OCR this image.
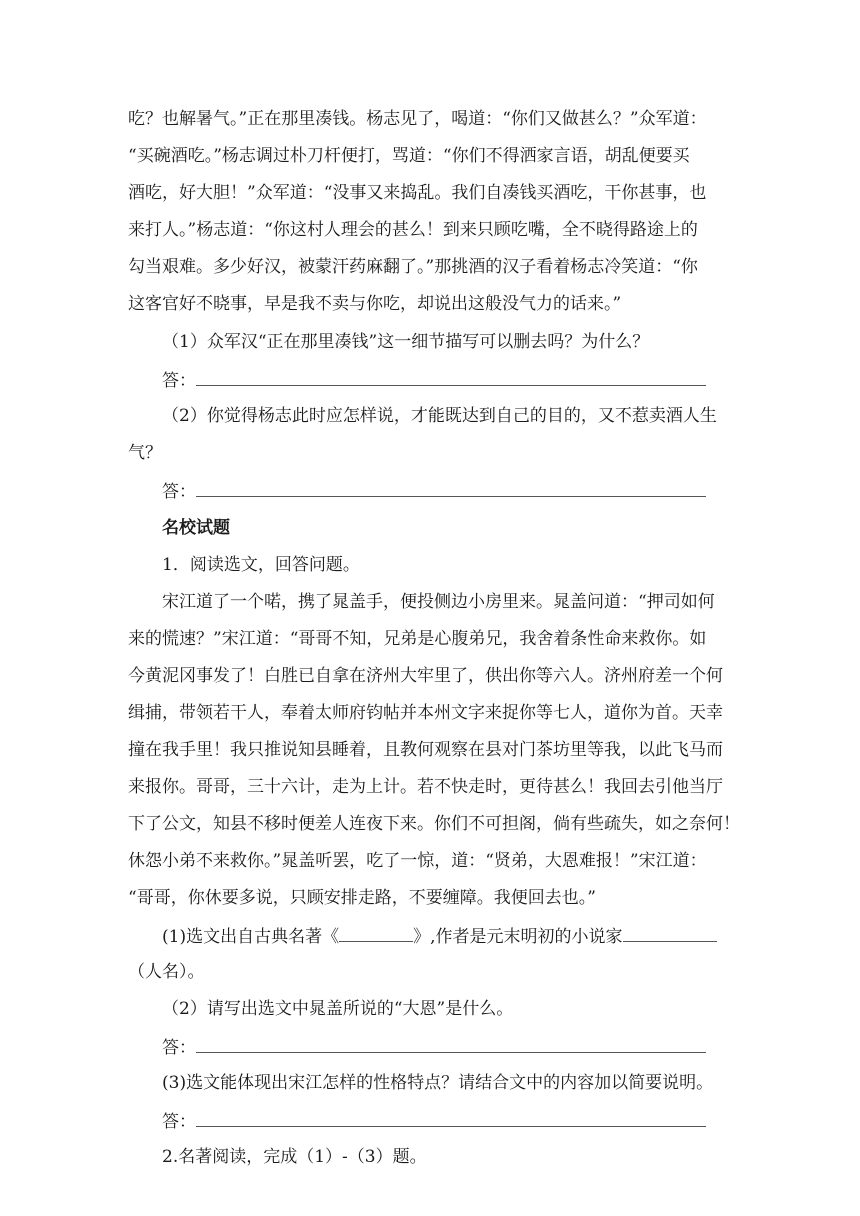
吃？也解暑气。”正在那里凑钱。杨志见了，喝道：“你们又做甚么？”众军道：
“买碗酒吃。”杨志调过朴刀杆便打，骂道：“你们不得洒家言语，胡乱便要买
酒吃，好大胆！”众军道：“没事又来捣乱。我们自凑钱买酒吃，干你甚事，也
来打人。”杨志道：“你这村人理会的甚么！到来只顾吃嘴，全不晓得路途上的
勾当艰难。多少好汉，被蒙汗药麻翻了。”那挑酒的汉子看着杨志冷笑道：“你
这客官好不晓事，早是我不卖与你吃，却说出这般没气力的话来。”
（1）众军汉“正在那里凑钱”这一细节描写可以删去吗？为什么？
答：
（2）你觉得杨志此时应怎样说，才能既达到自己的目的，又不惹卖酒人生
气？
答：
名校试题
1．阅读选文，回答问题。
宋江道了一个喏，携了晁盖手，便投侧边小房里来。晁盖问道：“押司如何
来的慌速？”宋江道：“哥哥不知，兄弟是心腹弟兄，我舍着条性命来救你。如
今黄泥冈事发了！白胜已自拿在济州大牢里了，供出你等六人。济州府差一个何
缉捕，带领若干人，奉着太师府钧帖并本州文字来捉你等七人，道你为首。天幸
撞在我手里！我只推说知县睡着，且教何观察在县对门茶坊里等我，以此飞马而
来报你。哥哥，三十六计，走为上计。若不快走时，更待甚么！我回去引他当厅
下了公文，知县不移时便差人连夜下来。你们不可担阁，倘有些疏失，如之奈何！
休怨小弟不来救你。”晁盖听罢，吃了一惊，道：“贤弟，大恩难报！”宋江道：
“哥哥，你休要多说，只顾安排走路，不要缠障。我便回去也。”
(1)选文出自古典名著《	》,作者是元末明初的小说家
（人名）。
（2）请写出选文中晁盖所说的“大恩”是什么。
答：
(3)选文能体现出宋江怎样的性格特点？请结合文中的内容加以简要说明。
答：
2.名著阅读，完成（1）-（3）题。
